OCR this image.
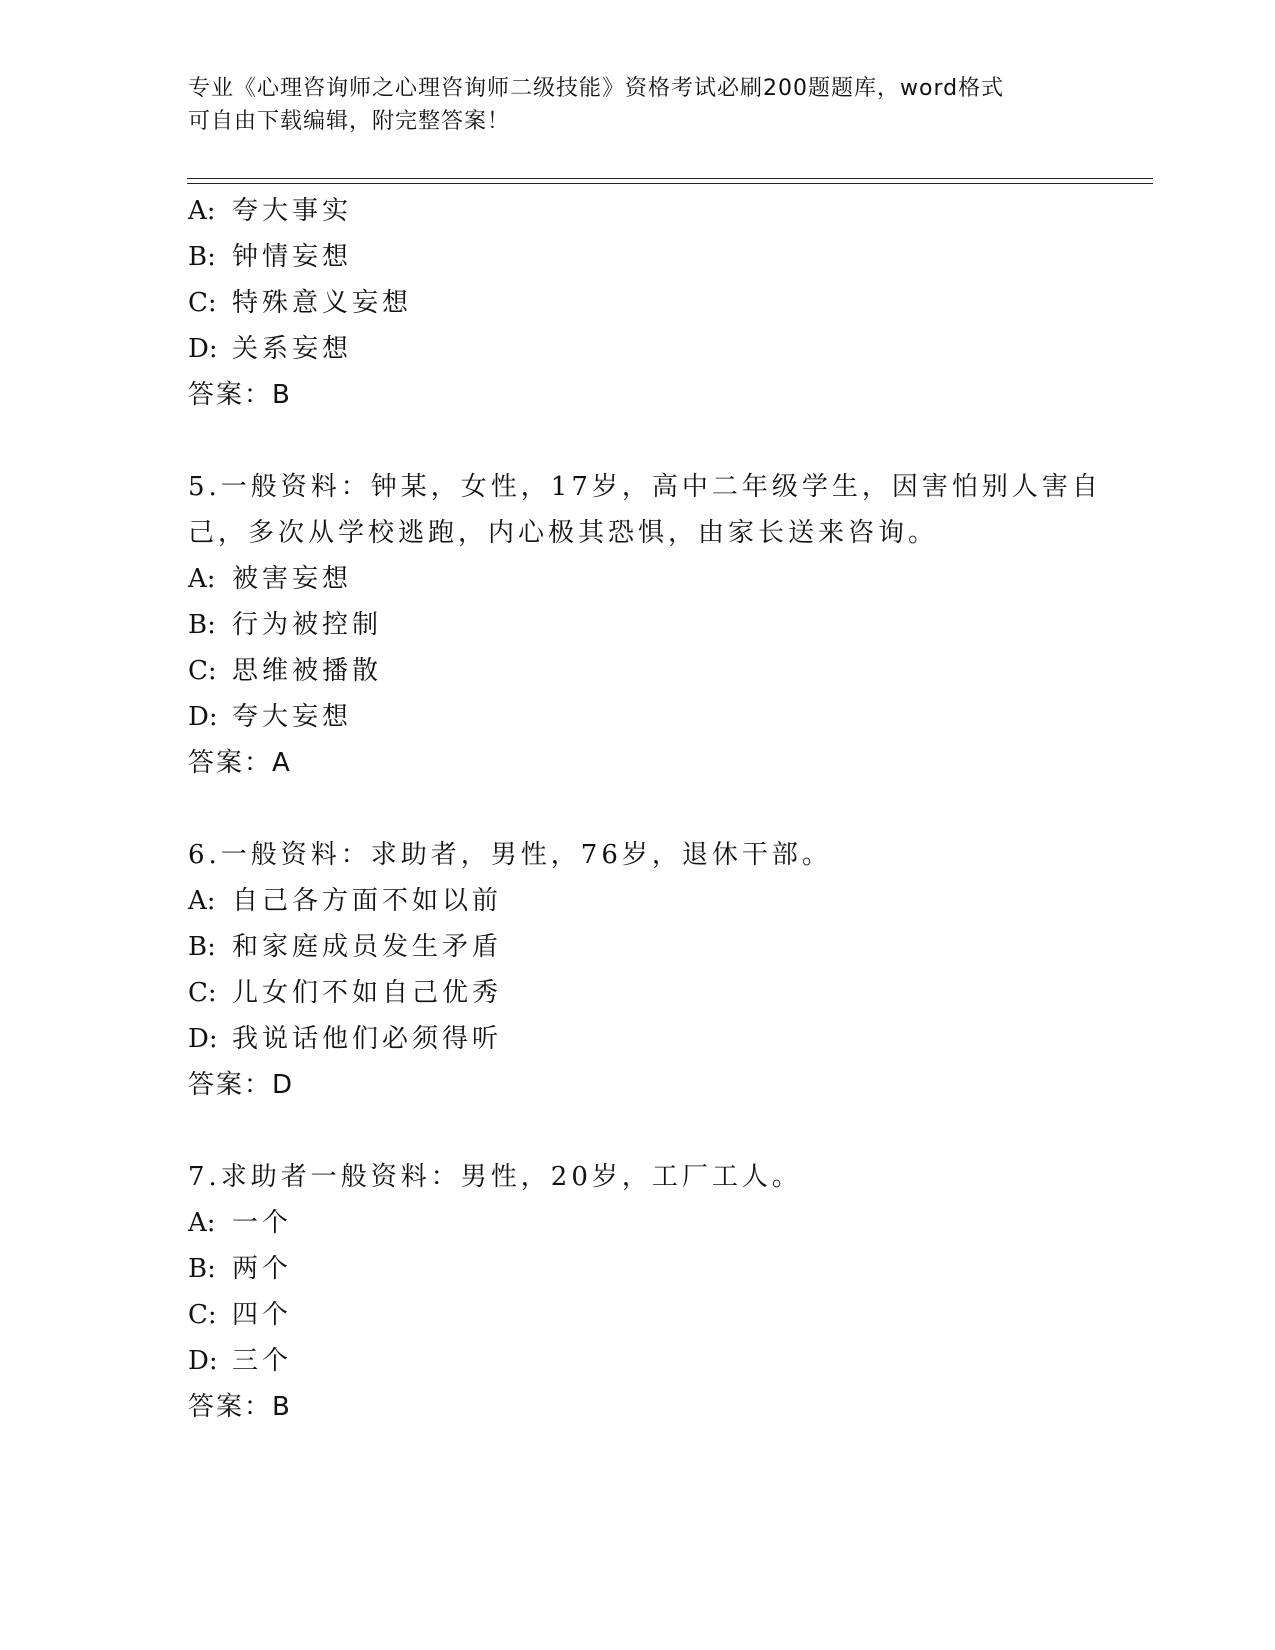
专业《心理咨询师之心理咨询师二级技能》资格考试必刷200题题库，word格式
可自由下载编辑，附完整答案！
A: 夸大事实
B: 钟情妄想
C: 特殊意义妄想
D: 关系妄想
答案：B
5.一般资料：钟某，女性，17岁，高中二年级学生，因害怕别人害自
己，多次从学校逃跑，内心极其恐惧，由家长送来咨询。
A: 被害妄想
B: 行为被控制
C: 思维被播散
D: 夸大妄想
答案：A
6.一般资料：求助者，男性，76岁，退休干部。
A: 自己各方面不如以前
B: 和家庭成员发生矛盾
C: 儿女们不如自己优秀
D: 我说话他们必须得听
答案：D
7.求助者一般资料：男性，20岁，工厂工人。
A: 一个
B: 两个
C: 四个
D: 三个
答案：B
